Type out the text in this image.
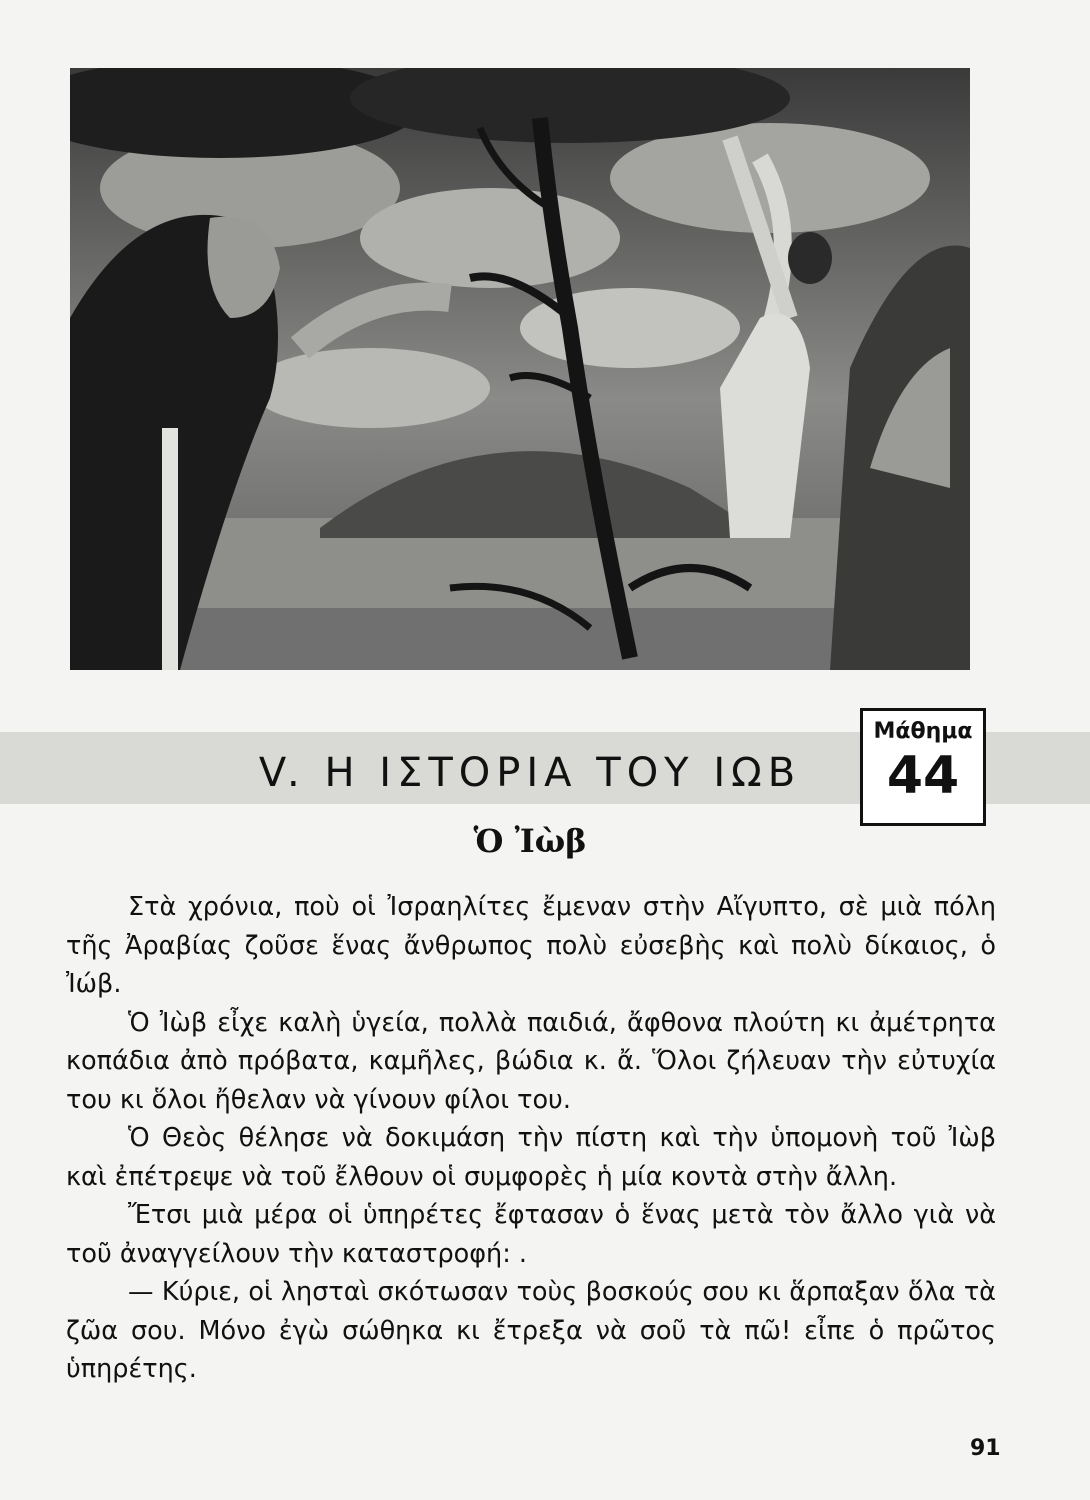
Μάθημα
44
V. Η ΙΣΤΟΡΙΑ ΤΟΥ ΙΩΒ
Ὁ Ἰὼβ

Στὰ χρόνια, ποὺ οἱ Ἰσραηλίτες ἔμεναν στὴν Αἴγυπτο, σὲ μιὰ πόλη τῆς Ἀραβίας ζοῦσε ἕνας ἄνθρωπος πολὺ εὐσεβὴς καὶ πολὺ δίκαιος, ὁ Ἰώβ.

Ὁ Ἰὼβ εἶχε καλὴ ὑγεία, πολλὰ παιδιά, ἄφθονα πλούτη κι ἀμέτρητα κοπάδια ἀπὸ πρόβατα, καμῆλες, βώδια κ. ἄ. Ὅλοι ζήλευαν τὴν εὐτυχία του κι ὅλοι ἤθελαν νὰ γίνουν φίλοι του.

Ὁ Θεὸς θέλησε νὰ δοκιμάση τὴν πίστη καὶ τὴν ὑπομονὴ τοῦ Ἰὼβ καὶ ἐπέτρεψε νὰ τοῦ ἔλθουν οἱ συμφορὲς ἡ μία κοντὰ στὴν ἄλλη.

Ἔτσι μιὰ μέρα οἱ ὑπηρέτες ἔφτασαν ὁ ἕνας μετὰ τὸν ἄλλο γιὰ νὰ τοῦ ἀναγγείλουν τὴν καταστροφή: .

— Κύριε, οἱ λησταὶ σκότωσαν τοὺς βοσκούς σου κι ἅρπαξαν ὅλα τὰ ζῶα σου. Μόνο ἐγὼ σώθηκα κι ἔτρεξα νὰ σοῦ τὰ πῶ! εἶπε ὁ πρῶτος ὑπηρέτης.

91
